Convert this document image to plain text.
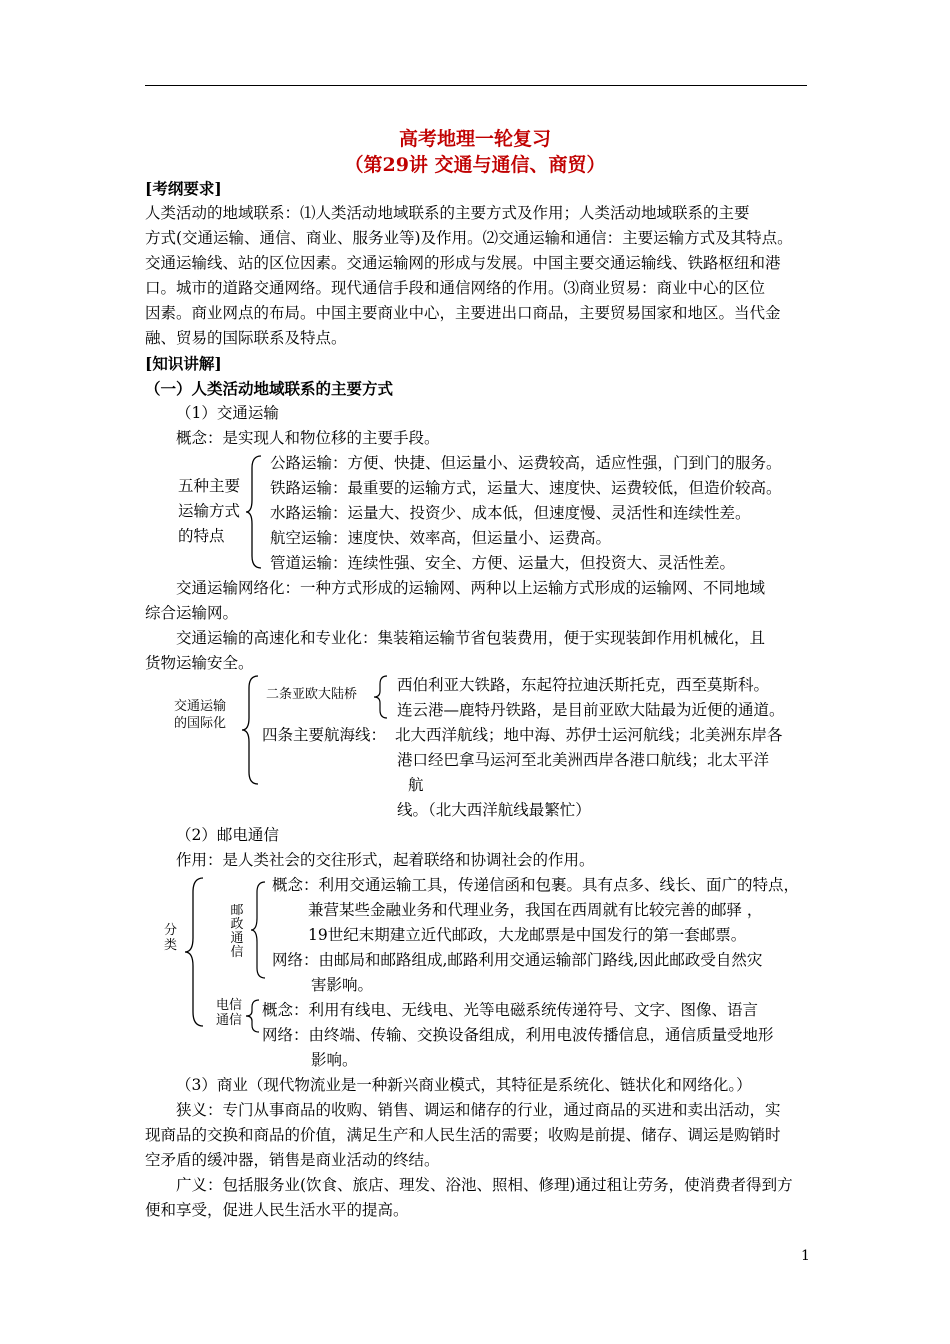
高考地理一轮复习
（第29讲 交通与通信、商贸）
[考纲要求]
人类活动的地域联系：⑴人类活动地域联系的主要方式及作用；人类活动地域联系的主要
方式(交通运输、通信、商业、服务业等)及作用。⑵交通运输和通信：主要运输方式及其特点。
交通运输线、站的区位因素。交通运输网的形成与发展。中国主要交通运输线、铁路枢纽和港
口。城市的道路交通网络。现代通信手段和通信网络的作用。⑶商业贸易：商业中心的区位
因素。商业网点的布局。中国主要商业中心，主要进出口商品，主要贸易国家和地区。当代金
融、贸易的国际联系及特点。
[知识讲解]
（一）人类活动地域联系的主要方式
（1）交通运输
概念：是实现人和物位移的主要手段。
五种主要
运输方式
的特点
公路运输：方便、快捷、但运量小、运费较高，适应性强，门到门的服务。
铁路运输：最重要的运输方式，运量大、速度快、运费较低，但造价较高。
水路运输：运量大、投资少、成本低，但速度慢、灵活性和连续性差。
航空运输：速度快、效率高，但运量小、运费高。
管道运输：连续性强、安全、方便、运量大，但投资大、灵活性差。
交通运输网络化：一种方式形成的运输网、两种以上运输方式形成的运输网、不同地域
综合运输网。
交通运输的高速化和专业化：集装箱运输节省包装费用，便于实现装卸作用机械化，且
货物运输安全。
交通运输
的国际化
二条亚欧大陆桥
西伯利亚大铁路，东起符拉迪沃斯托克，西至莫斯科。
连云港—鹿特丹铁路，是目前亚欧大陆最为近便的通道。
四条主要航海线： 北大西洋航线；地中海、苏伊士运河航线；北美洲东岸各
港口经巴拿马运河至北美洲西岸各港口航线；北太平洋
航
线。（北大西洋航线最繁忙）
（2）邮电通信
作用：是人类社会的交往形式，起着联络和协调社会的作用。
分
类
邮
政
通
信
概念：利用交通运输工具，传递信函和包裹。具有点多、线长、面广的特点，
兼营某些金融业务和代理业务，我国在西周就有比较完善的邮驿 ，
19世纪末期建立近代邮政，大龙邮票是中国发行的第一套邮票。
网络：由邮局和邮路组成,邮路利用交通运输部门路线,因此邮政受自然灾
害影响。
电信
通信
概念：利用有线电、无线电、光等电磁系统传递符号、文字、图像、语言
网络：由终端、传输、交换设备组成，利用电波传播信息，通信质量受地形
影响。
（3）商业（现代物流业是一种新兴商业模式，其特征是系统化、链状化和网络化。）
狭义：专门从事商品的收购、销售、调运和储存的行业，通过商品的买进和卖出活动，实
现商品的交换和商品的价值，满足生产和人民生活的需要；收购是前提、储存、调运是购销时
空矛盾的缓冲器，销售是商业活动的终结。
广义：包括服务业(饮食、旅店、理发、浴池、照相、修理)通过租让劳务，使消费者得到方
便和享受，促进人民生活水平的提高。
1
